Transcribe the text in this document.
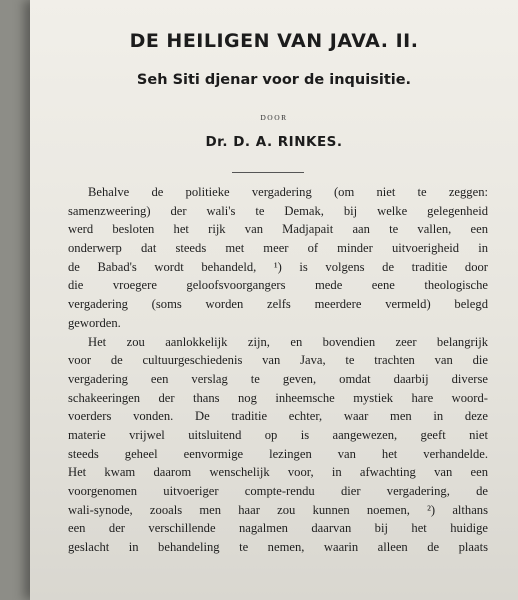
DE HEILIGEN VAN JAVA. II.
Seh Siti djenar voor de inquisitie.
DOOR
Dr. D. A. RINKES.
Behalve de politieke vergadering (om niet te zeggen:
samenzweering) der wali's te Demak, bij welke gelegenheid
werd besloten het rijk van Madjapait aan te vallen, een
onderwerp dat steeds met meer of minder uitvoerigheid in
de Babad's wordt behandeld, ¹) is volgens de traditie door
die vroegere geloofsvoorgangers mede eene theologische
vergadering (soms worden zelfs meerdere vermeld) belegd
geworden.
Het zou aanlokkelijk zijn, en bovendien zeer belangrijk
voor de cultuurgeschiedenis van Java, te trachten van die
vergadering een verslag te geven, omdat daarbij diverse
schakeeringen der thans nog inheemsche mystiek hare woord-
voerders vonden. De traditie echter, waar men in deze
materie vrijwel uitsluitend op is aangewezen, geeft niet
steeds geheel eenvormige lezingen van het verhandelde.
Het kwam daarom wenschelijk voor, in afwachting van een
voorgenomen uitvoeriger compte-rendu dier vergadering, de
wali-synode, zooals men haar zou kunnen noemen, ²) althans
een der verschillende nagalmen daarvan bij het huidige
geslacht in behandeling te nemen, waarin alleen de plaats
